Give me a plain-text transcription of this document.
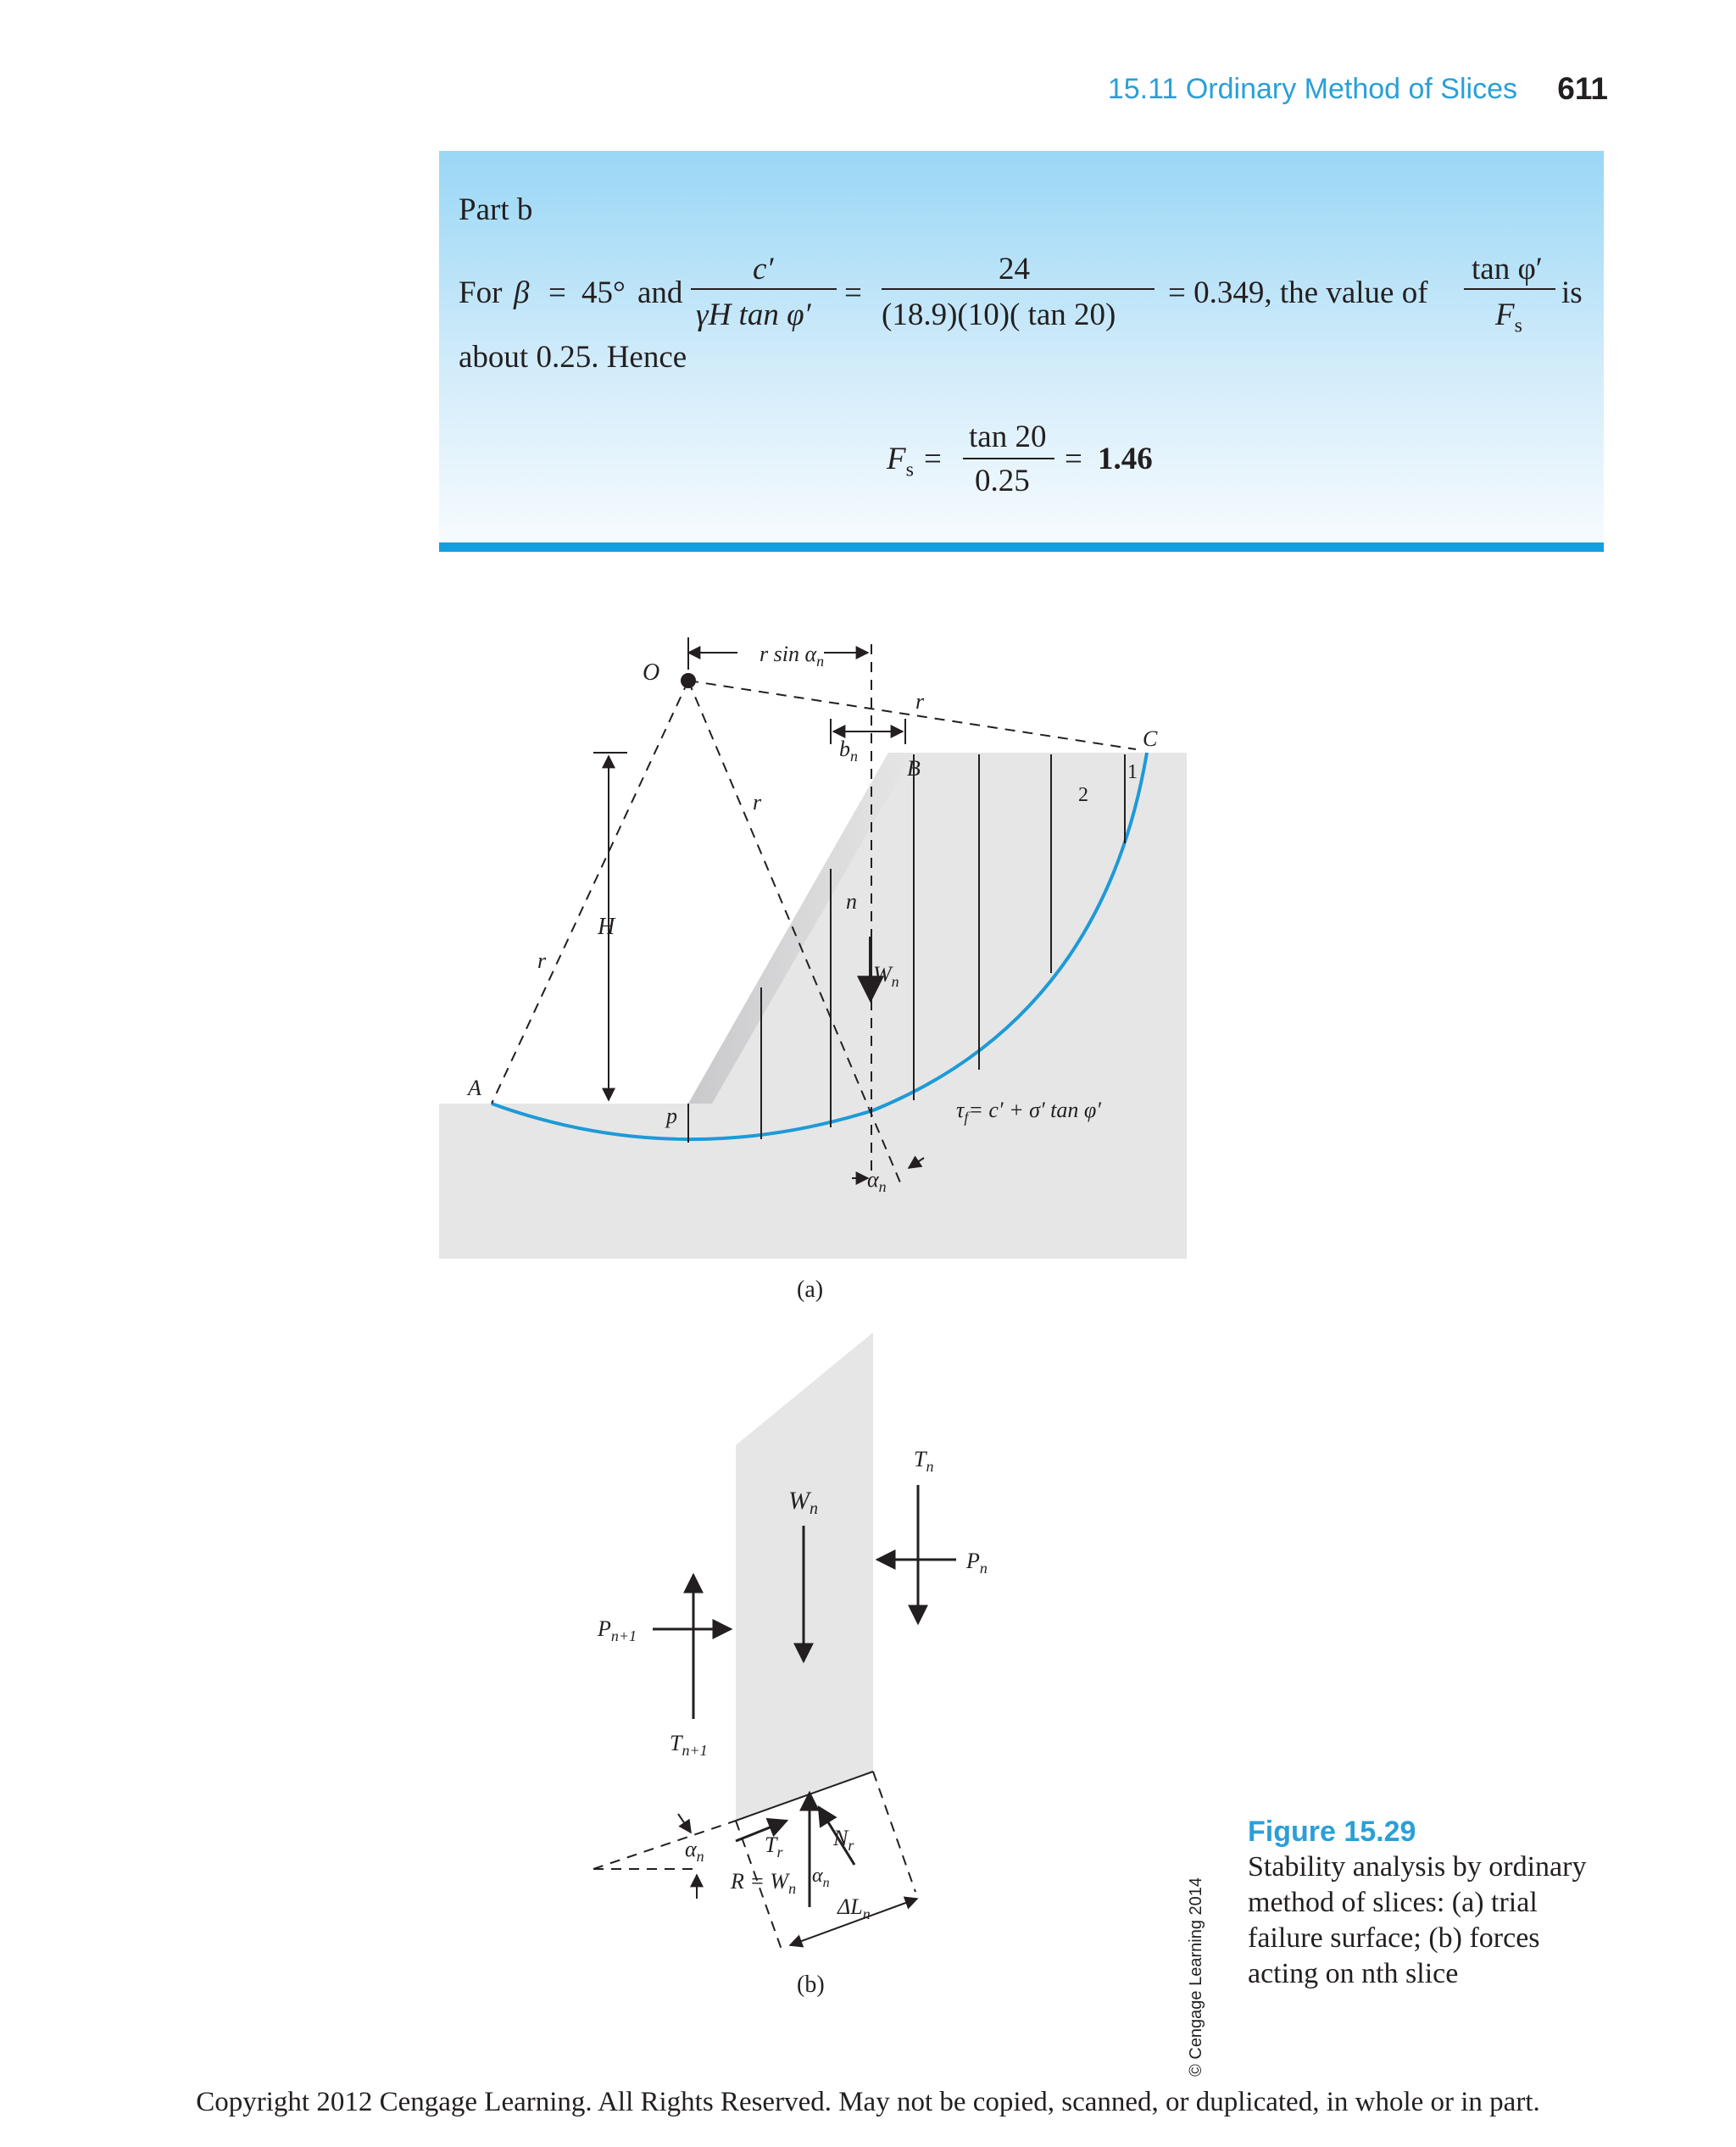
15.11 Ordinary Method of Slices	611
Part b
For β = 45° and
c′
γH tan φ′
=
24
(18.9)(10)( tan 20)
= 0.349, the value of
tan φ′
$F_s$
is
about 0.25. Hence
$F_s$ =
tan 20
0.25
= 1.46
O
r $\sin \alpha_n$
r
r
r
$b_n$ B
C
1
2
H
n
$W_n$
A
p
$\alpha_n$
$\tau_f= c' + \sigma'$ tan φ′
(a)
$T_n$
$P_n$
$W_n$
$P_{n+1}$
$T_{n+1}$
$\alpha_n$	$T_r$
$N_r$
$R = W_n$
$\alpha_n$
$\Delta L_n$
(b)	© Cengage Learning 2014
Figure 15.29
Stability analysis by ordinary method of slices: (a) trial failure surface; (b) forces acting on nth slice
Copyright 2012 Cengage Learning. All Rights Reserved. May not be copied, scanned, or duplicated, in whole or in part.
